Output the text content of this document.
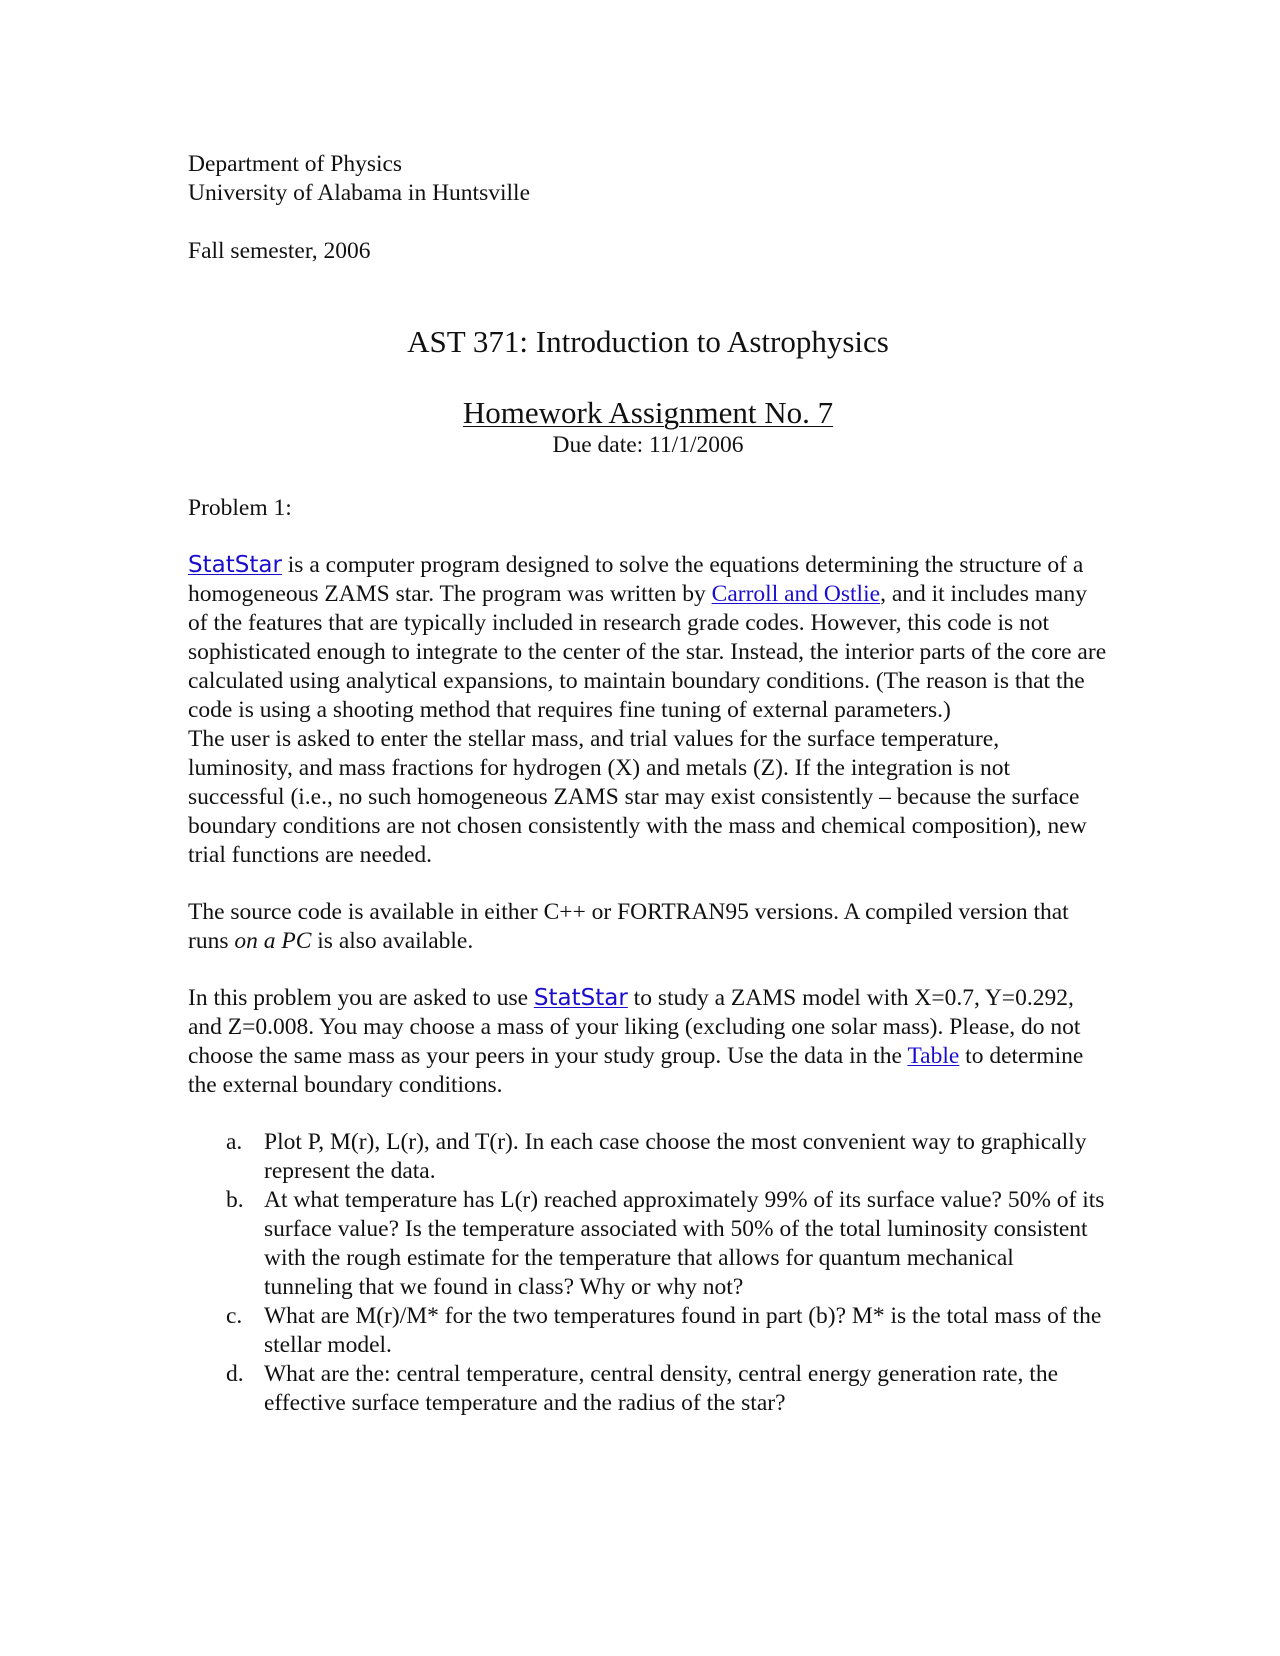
Department of Physics
University of Alabama in Huntsville
Fall semester, 2006

AST 371: Introduction to Astrophysics

Homework Assignment No. 7

Due date: 11/1/2006

Problem 1:

StatStar is a computer program designed to solve the equations determining the structure of a homogeneous ZAMS star. The program was written by Carroll and Ostlie, and it includes many of the features that are typically included in research grade codes. However, this code is not sophisticated enough to integrate to the center of the star. Instead, the interior parts of the core are calculated using analytical expansions, to maintain boundary conditions. (The reason is that the code is using a shooting method that requires fine tuning of external parameters.)

The user is asked to enter the stellar mass, and trial values for the surface temperature, luminosity, and mass fractions for hydrogen (X) and metals (Z). If the integration is not successful (i.e., no such homogeneous ZAMS star may exist consistently – because the surface boundary conditions are not chosen consistently with the mass and chemical composition), new trial functions are needed.

The source code is available in either C++ or FORTRAN95 versions. A compiled version that runs on a PC is also available.

In this problem you are asked to use StatStar to study a ZAMS model with X=0.7, Y=0.292, and Z=0.008. You may choose a mass of your liking (excluding one solar mass). Please, do not choose the same mass as your peers in your study group. Use the data in the Table to determine the external boundary conditions.

a. Plot P, M(r), L(r), and T(r). In each case choose the most convenient way to graphically represent the data.
b. At what temperature has L(r) reached approximately 99% of its surface value? 50% of its surface value? Is the temperature associated with 50% of the total luminosity consistent with the rough estimate for the temperature that allows for quantum mechanical tunneling that we found in class? Why or why not?
c. What are M(r)/M* for the two temperatures found in part (b)? M* is the total mass of the stellar model.
d. What are the: central temperature, central density, central energy generation rate, the effective surface temperature and the radius of the star?
